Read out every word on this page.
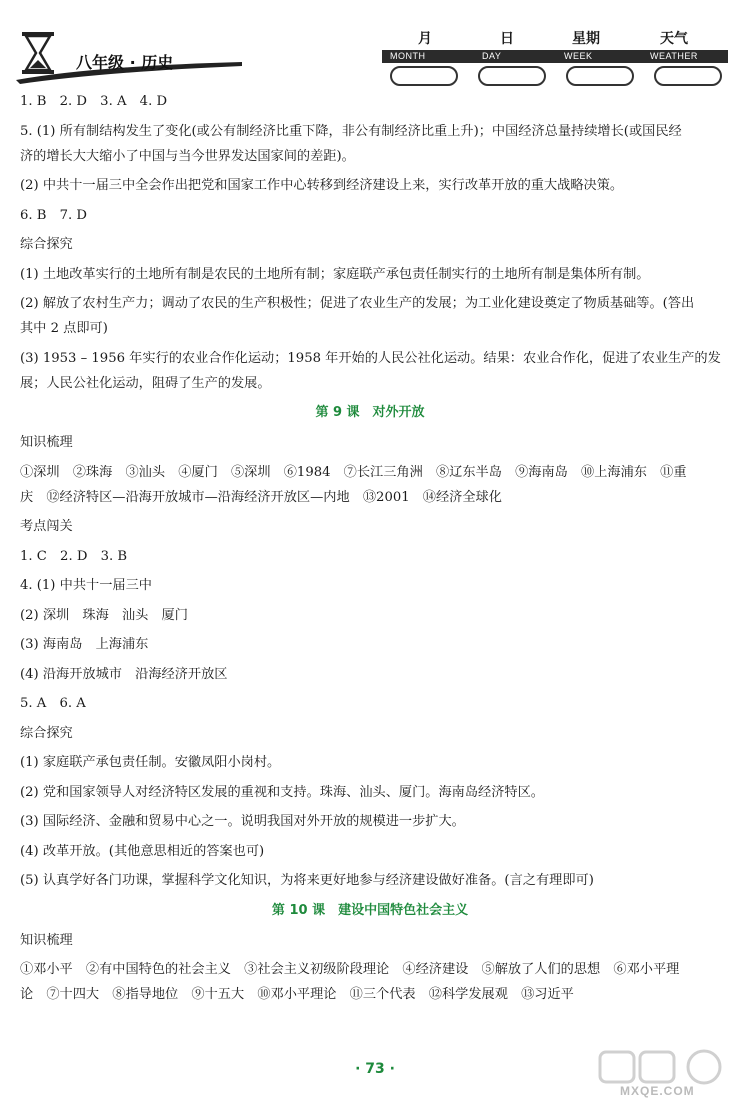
八年级 · 历史
月	日	星期	天气
MONTH	DAY	WEEK	WEATHER
1. B　2. D　3. A　4. D
5. (1) 所有制结构发生了变化(或公有制经济比重下降，非公有制经济比重上升)；中国经济总量持续增长(或国民经
济的增长大大缩小了中国与当今世界发达国家间的差距)。
(2) 中共十一届三中全会作出把党和国家工作中心转移到经济建设上来，实行改革开放的重大战略决策。
6. B　7. D
综合探究
(1) 土地改革实行的土地所有制是农民的土地所有制；家庭联产承包责任制实行的土地所有制是集体所有制。
(2) 解放了农村生产力；调动了农民的生产积极性；促进了农业生产的发展；为工业化建设奠定了物质基础等。(答出
其中 2 点即可)
(3) 1953 – 1956 年实行的农业合作化运动；1958 年开始的人民公社化运动。结果：农业合作化，促进了农业生产的发
展；人民公社化运动，阻碍了生产的发展。
第 9 课　对外开放
知识梳理
①深圳　②珠海　③汕头　④厦门　⑤深圳　⑥1984　⑦长江三角洲　⑧辽东半岛　⑨海南岛　⑩上海浦东　⑪重
庆　⑫经济特区—沿海开放城市—沿海经济开放区—内地　⑬2001　⑭经济全球化
考点闯关
1. C　2. D　3. B
4. (1) 中共十一届三中
(2) 深圳　珠海　汕头　厦门
(3) 海南岛　上海浦东
(4) 沿海开放城市　沿海经济开放区
5. A　6. A
综合探究
(1) 家庭联产承包责任制。安徽凤阳小岗村。
(2) 党和国家领导人对经济特区发展的重视和支持。珠海、汕头、厦门。海南岛经济特区。
(3) 国际经济、金融和贸易中心之一。说明我国对外开放的规模进一步扩大。
(4) 改革开放。(其他意思相近的答案也可)
(5) 认真学好各门功课，掌握科学文化知识，为将来更好地参与经济建设做好准备。(言之有理即可)
第 10 课　建设中国特色社会主义
知识梳理
①邓小平　②有中国特色的社会主义　③社会主义初级阶段理论　④经济建设　⑤解放了人们的思想　⑥邓小平理
论　⑦十四大　⑧指导地位　⑨十五大　⑩邓小平理论　⑪三个代表　⑫科学发展观　⑬习近平
· 73 ·
MXQE.COM
